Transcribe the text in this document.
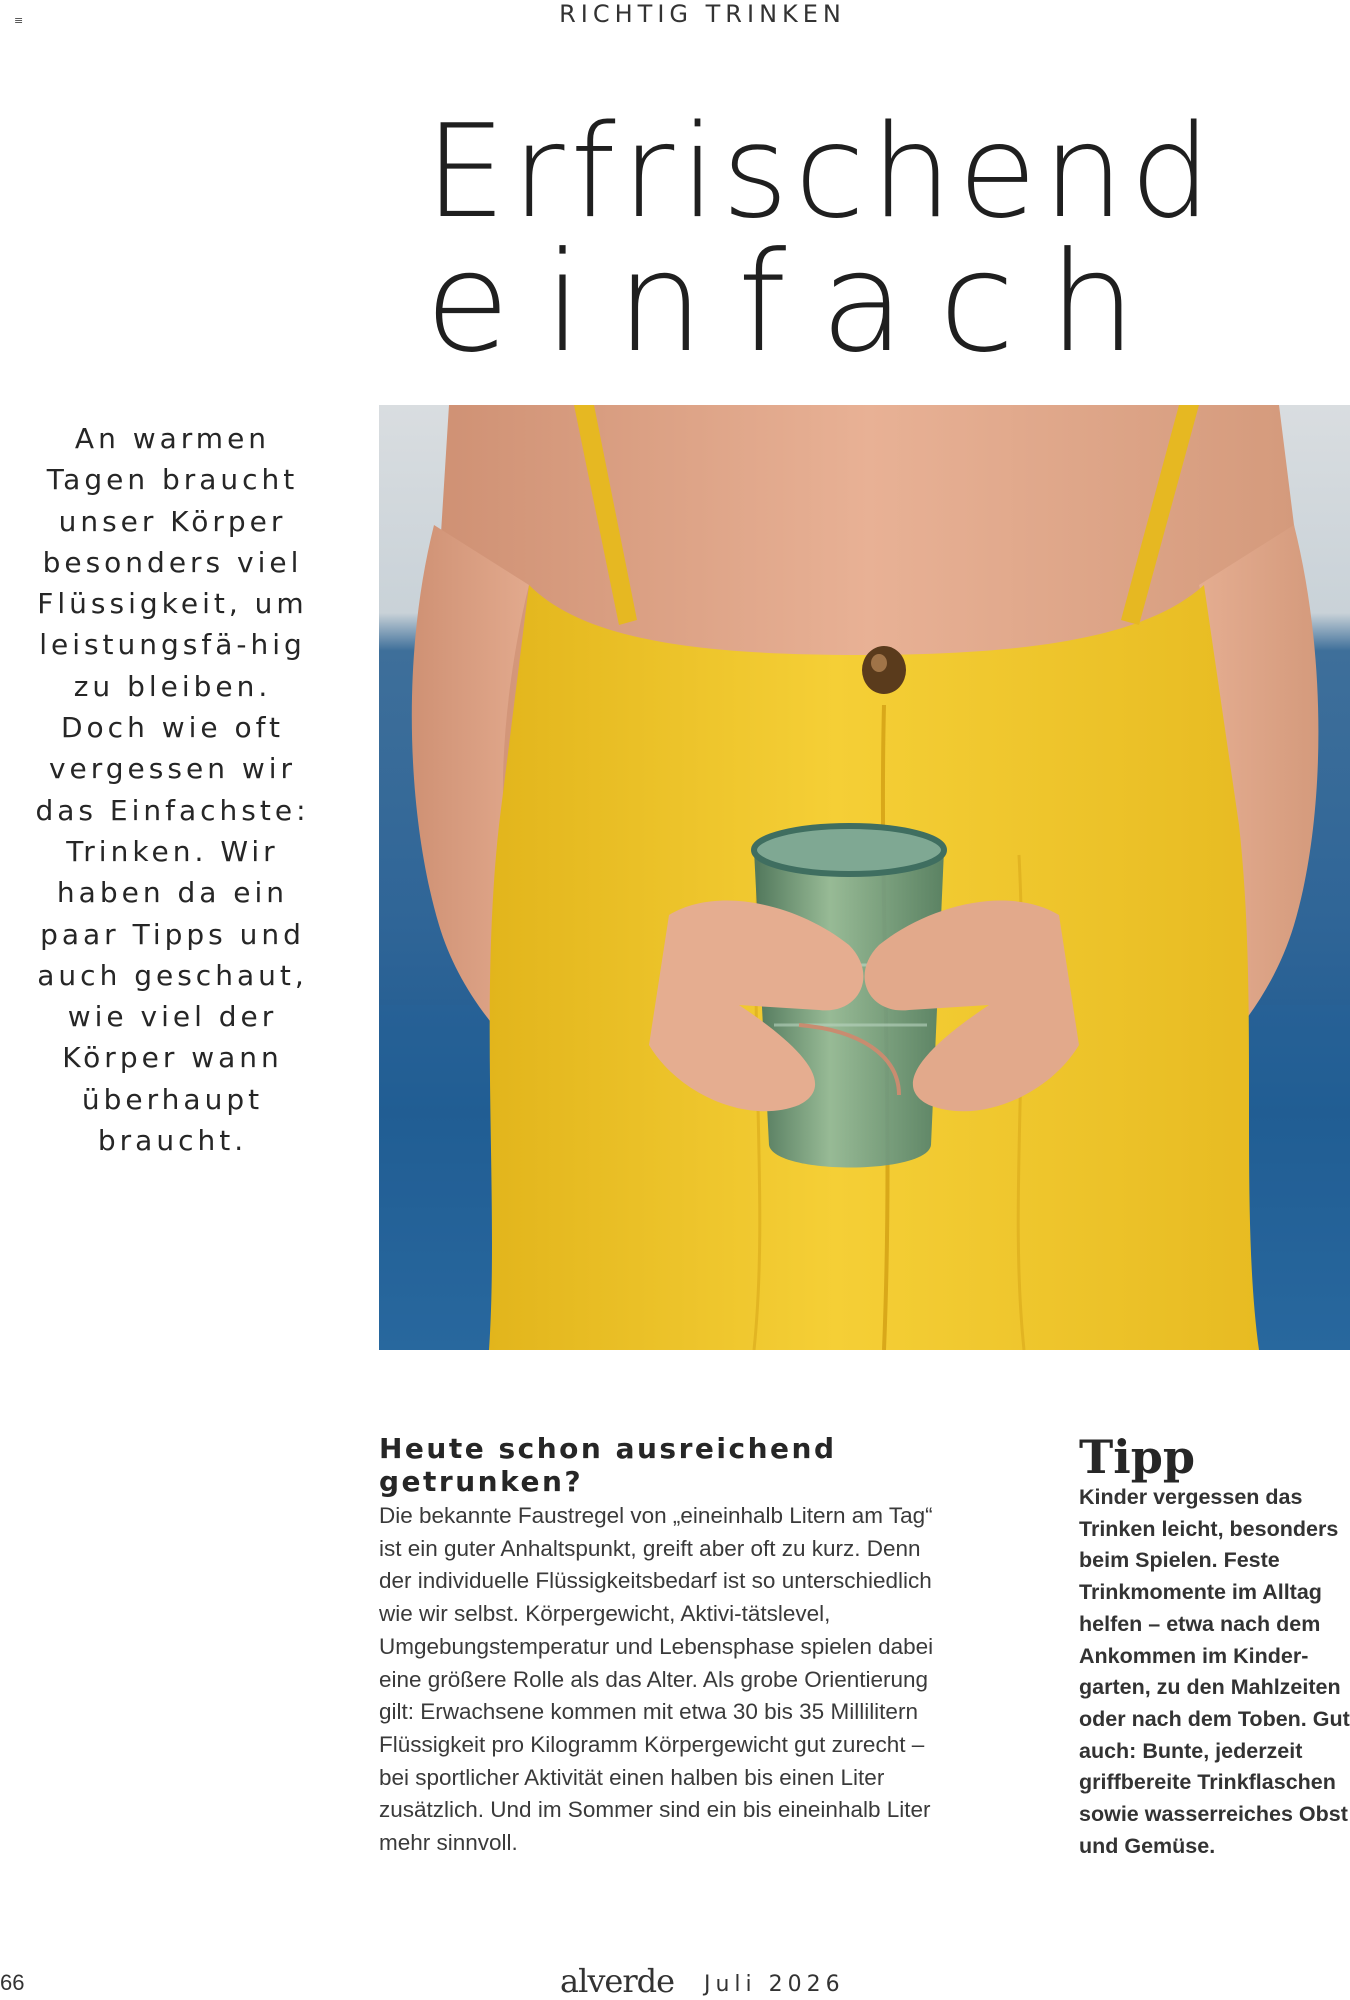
≡	RICHTIG TRINKEN
Erfrischend
einfach
An warmen Tagen braucht unser Körper besonders viel Flüssigkeit, um leistungsfä-hig zu bleiben. Doch wie oft vergessen wir das Einfachste: Trinken. Wir haben da ein paar Tipps und auch geschaut, wie viel der Körper wann überhaupt braucht.
Heute schon ausreichend getrunken?

Die bekannte Faustregel von „eineinhalb Litern am Tag“ ist ein guter Anhaltspunkt, greift aber oft zu kurz. Denn der individuelle Flüssigkeitsbedarf ist so unterschiedlich wie wir selbst. Körpergewicht, Aktivi-tätslevel, Umgebungstemperatur und Lebensphase spielen dabei eine größere Rolle als das Alter. Als grobe Orientierung gilt: Erwachsene kommen mit etwa 30 bis 35 Millilitern Flüssigkeit pro Kilogramm Körpergewicht gut zurecht – bei sportlicher Aktivität einen halben bis einen Liter zusätzlich. Und im Sommer sind ein bis eineinhalb Liter mehr sinnvoll.

Tipp

Kinder vergessen das Trinken leicht, besonders beim Spielen. Feste Trinkmomente im Alltag helfen – etwa nach dem Ankommen im Kinder-garten, zu den Mahlzeiten oder nach dem Toben. Gut auch: Bunte, jederzeit griffbereite Trinkflaschen sowie wasserreiches Obst und Gemüse.

66	alverde Juli 2026
